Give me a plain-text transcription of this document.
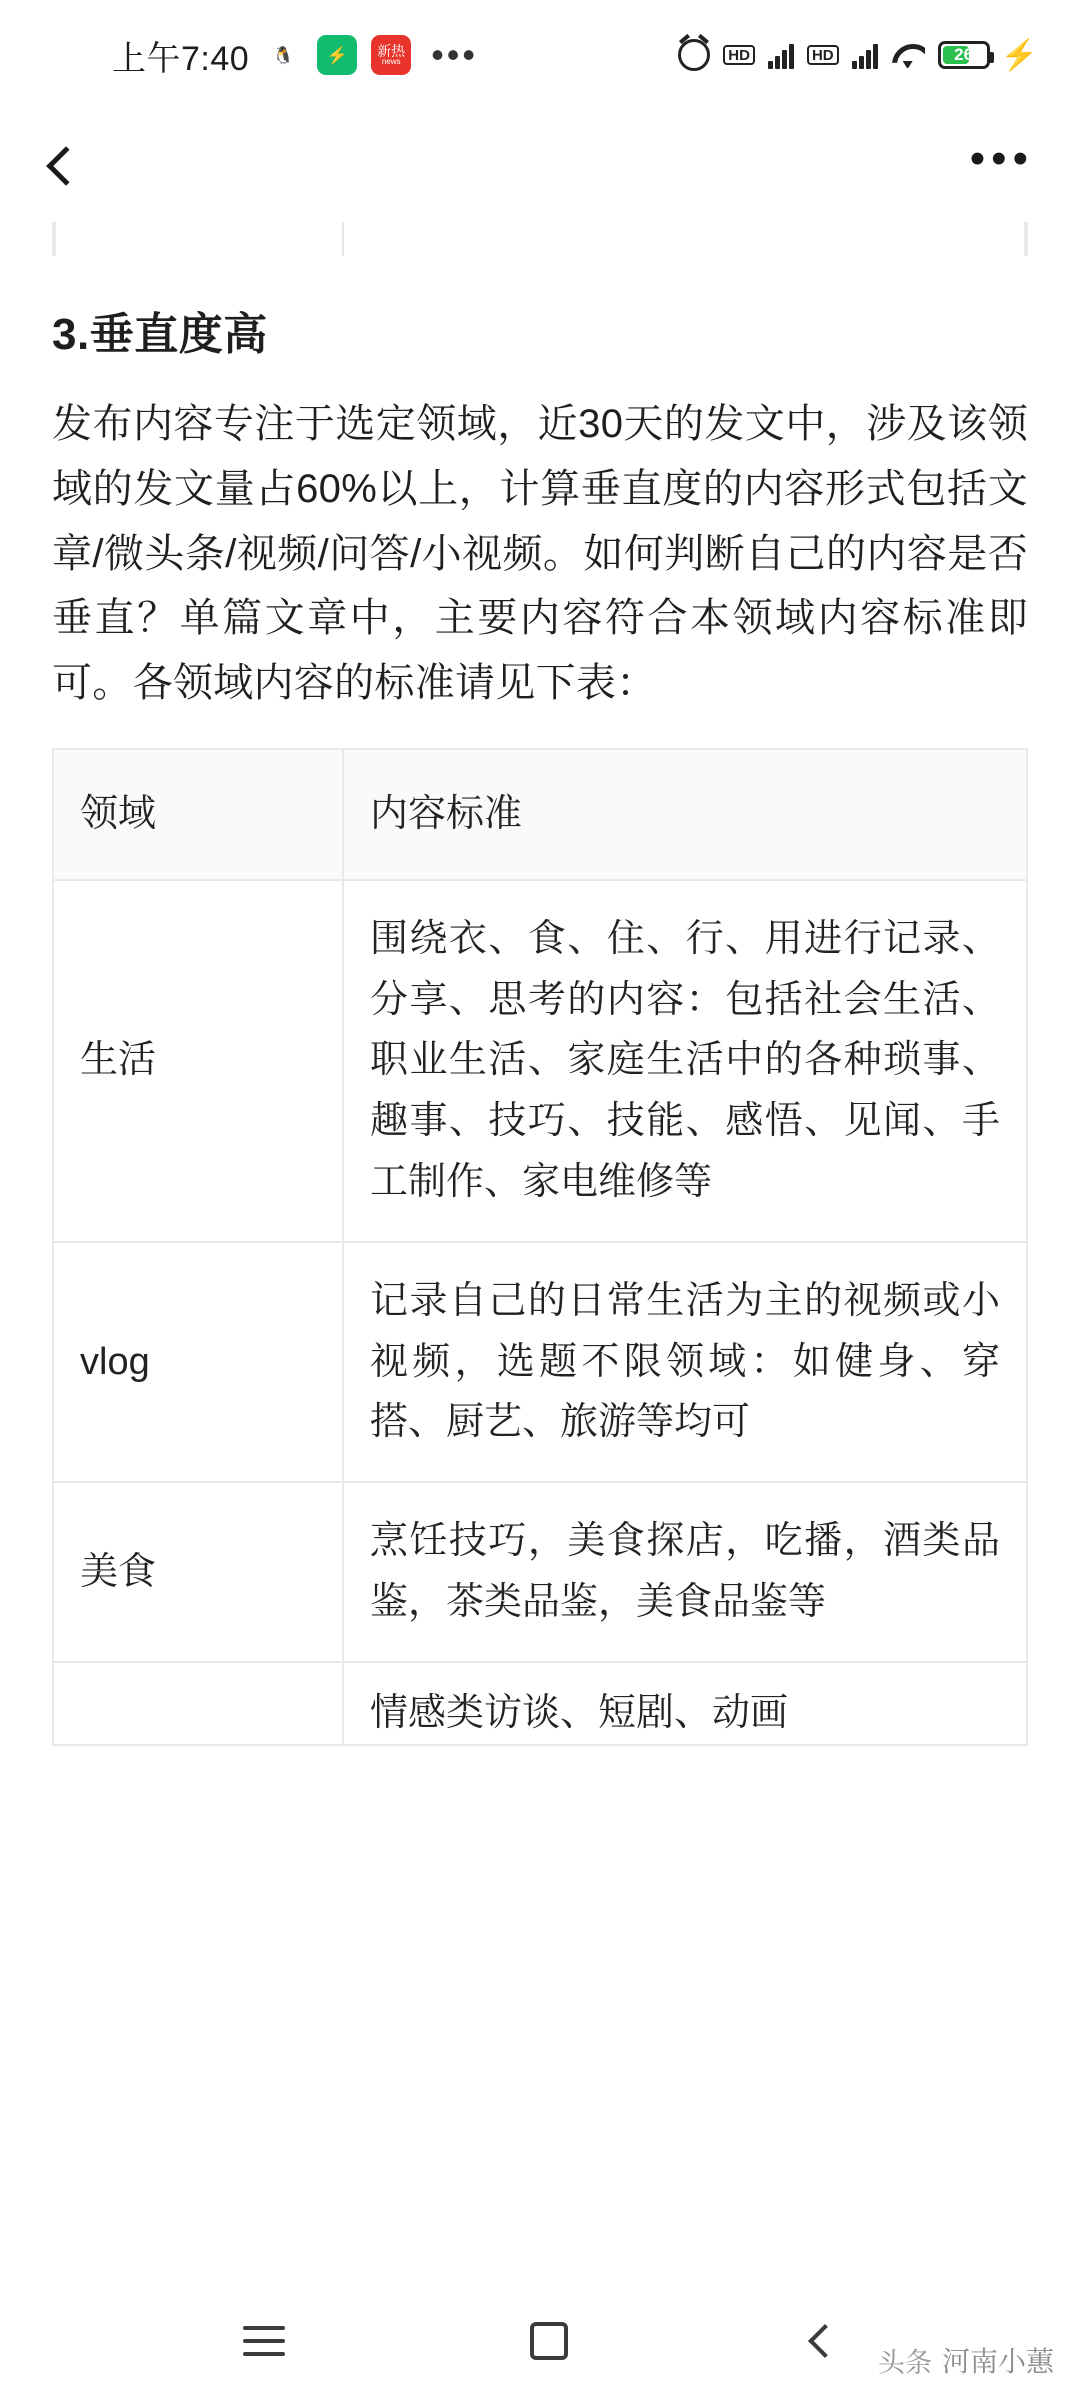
上午7:40	🐧	⚡	新热
news •••	HD	HD	26 ⚡
•••
3.垂直度高

发布内容专注于选定领域，近30天的发文中，涉及该领域的发文量占60%以上，计算垂直度的内容形式包括文章/微头条/视频/问答/小视频。如何判断自己的内容是否垂直？单篇文章中，主要内容符合本领域内容标准即可。各领域内容的标准请见下表：

领域	内容标准
生活	围绕衣、食、住、行、用进行记录、分享、思考的内容：包括社会生活、职业生活、家庭生活中的各种琐事、趣事、技巧、技能、感悟、见闻、手工制作、家电维修等
vlog	记录自己的日常生活为主的视频或小视频，选题不限领域：如健身、穿搭、厨艺、旅游等均可
美食	烹饪技巧，美食探店，吃播，酒类品鉴，茶类品鉴，美食品鉴等
	情感类访谈、短剧、动画
头条 河南小蕙
